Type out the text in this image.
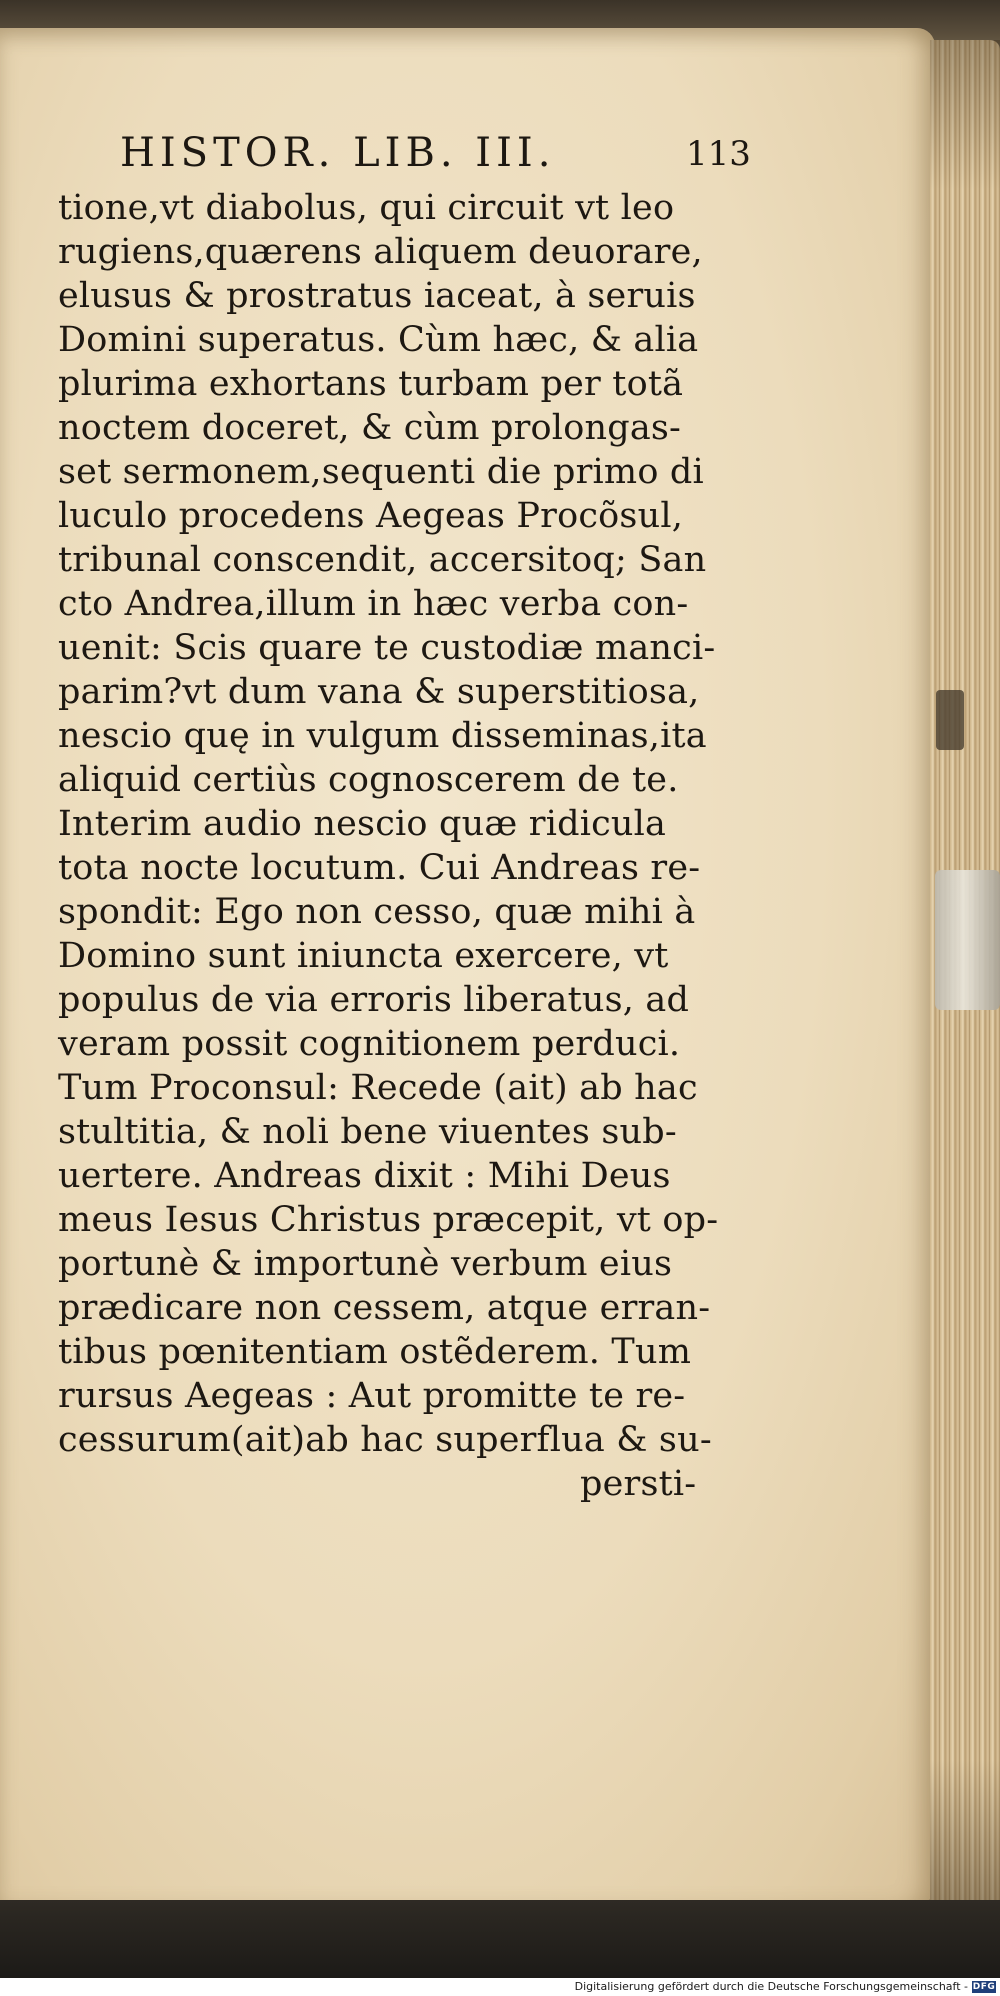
HISTOR. LIB. III.	113
tione,vt diabolus, qui circuit vt leo
rugiens,quærens aliquem deuorare,
elusus & prostratus iaceat, à seruis
Domini superatus. Cùm hæc, & alia
plurima exhortans turbam per totã
noctem doceret, & cùm prolongas-
set sermonem,sequenti die primo di
luculo procedens Aegeas Procõsul,
tribunal conscendit, accersitoq; San
cto Andrea,illum in hæc verba con-
uenit: Scis quare te custodiæ manci-
parim?vt dum vana & superstitiosa,
nescio quę in vulgum disseminas,ita
aliquid certiùs cognoscerem de te.
Interim audio nescio quæ ridicula
tota nocte locutum. Cui Andreas re-
spondit: Ego non cesso, quæ mihi à
Domino sunt iniuncta exercere, vt
populus de via erroris liberatus, ad
veram possit cognitionem perduci.
Tum Proconsul: Recede (ait) ab hac
stultitia, & noli bene viuentes sub-
uertere. Andreas dixit : Mihi Deus
meus Iesus Christus præcepit, vt op-
portunè & importunè verbum eius
prædicare non cessem, atque erran-
tibus pœnitentiam ostẽderem. Tum
rursus Aegeas : Aut promitte te re-
cessurum(ait)ab hac superflua & su-
persti-
Digitalisierung gefördert durch die Deutsche Forschungsgemeinschaft - DFG
